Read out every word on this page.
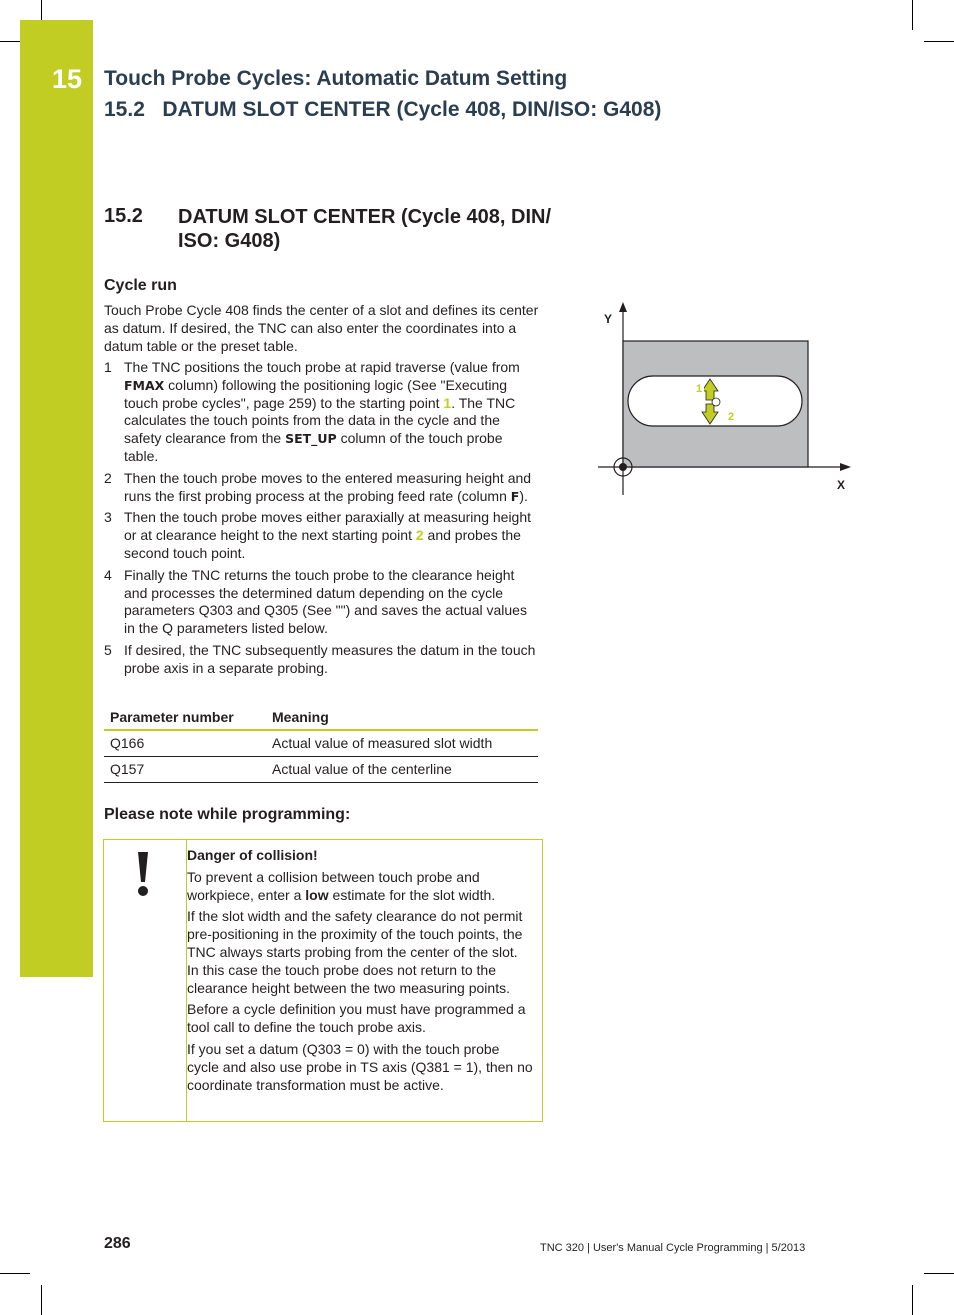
15 Touch Probe Cycles: Automatic Datum Setting
15.2   DATUM SLOT CENTER (Cycle 408, DIN/ISO: G408)
15.2 DATUM SLOT CENTER (Cycle 408, DIN/ ISO: G408)
Cycle run
Touch Probe Cycle 408 finds the center of a slot and defines its center as datum. If desired, the TNC can also enter the coordinates into a datum table or the preset table.
1 The TNC positions the touch probe at rapid traverse (value from FMAX column) following the positioning logic (See "Executing touch probe cycles", page 259) to the starting point 1. The TNC calculates the touch points from the data in the cycle and the safety clearance from the SET_UP column of the touch probe table.
2 Then the touch probe moves to the entered measuring height and runs the first probing process at the probing feed rate (column F).
3 Then the touch probe moves either paraxially at measuring height or at clearance height to the next starting point 2 and probes the second touch point.
4 Finally the TNC returns the touch probe to the clearance height and processes the determined datum depending on the cycle parameters Q303 and Q305 (See "") and saves the actual values in the Q parameters listed below.
5 If desired, the TNC subsequently measures the datum in the touch probe axis in a separate probing.
Parameter number	Meaning
Q166	Actual value of measured slot width
Q157	Actual value of the centerline
Y
X
1
2
Please note while programming:

Danger of collision!

To prevent a collision between touch probe and workpiece, enter a low estimate for the slot width.

If the slot width and the safety clearance do not permit pre-positioning in the proximity of the touch points, the TNC always starts probing from the center of the slot. In this case the touch probe does not return to the clearance height between the two measuring points.

Before a cycle definition you must have programmed a tool call to define the touch probe axis.

If you set a datum (Q303 = 0) with the touch probe cycle and also use probe in TS axis (Q381 = 1), then no coordinate transformation must be active.

286	TNC 320 | User's Manual Cycle Programming | 5/2013
